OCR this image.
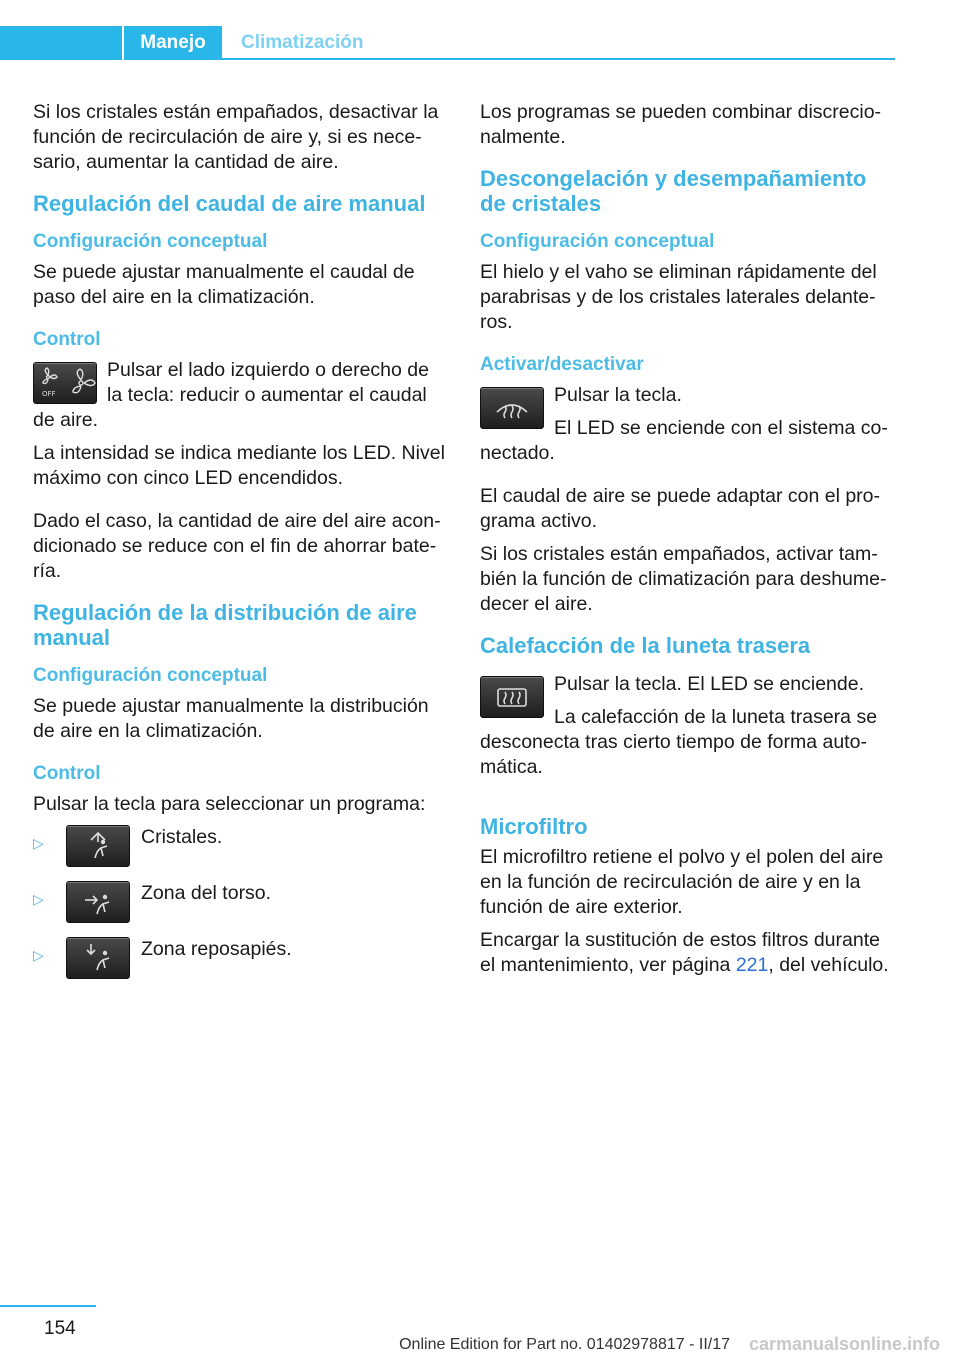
Manejo	Climatización

Si los cristales están empañados, desactivar la función de recirculación de aire y, si es necesario, aumentar la cantidad de aire.

Regulación del caudal de aire manual
Configuración conceptual

Se puede ajustar manualmente el caudal de paso del aire en la climatización.

Control
OFF

Pulsar el lado izquierdo o derecho de la tecla: reducir o aumentar el caudal de aire.

La intensidad se indica mediante los LED. Nivel máximo con cinco LED encendidos.

Dado el caso, la cantidad de aire del aire acondicionado se reduce con el fin de ahorrar batería.

Regulación de la distribución de aire manual
Configuración conceptual

Se puede ajustar manualmente la distribución de aire en la climatización.

Control

Pulsar la tecla para seleccionar un programa:

▷	Cristales.
▷	Zona del torso.
▷	Zona reposapiés.

Los programas se pueden combinar discrecionalmente.

Descongelación y desempañamiento de cristales
Configuración conceptual

El hielo y el vaho se eliminan rápidamente del parabrisas y de los cristales laterales delanteros.

Activar/desactivar

Pulsar la tecla.

El LED se enciende con el sistema conectado.

El caudal de aire se puede adaptar con el programa activo.

Si los cristales están empañados, activar también la función de climatización para deshumedecer el aire.

Calefacción de la luneta trasera

Pulsar la tecla. El LED se enciende.

La calefacción de la luneta trasera se desconecta tras cierto tiempo de forma automática.

Microfiltro

El microfiltro retiene el polvo y el polen del aire en la función de recirculación de aire y en la función de aire exterior.

Encargar la sustitución de estos filtros durante el mantenimiento, ver página 221, del vehículo.

154
Online Edition for Part no. 01402978817 - II/17 carmanualsonline.info
